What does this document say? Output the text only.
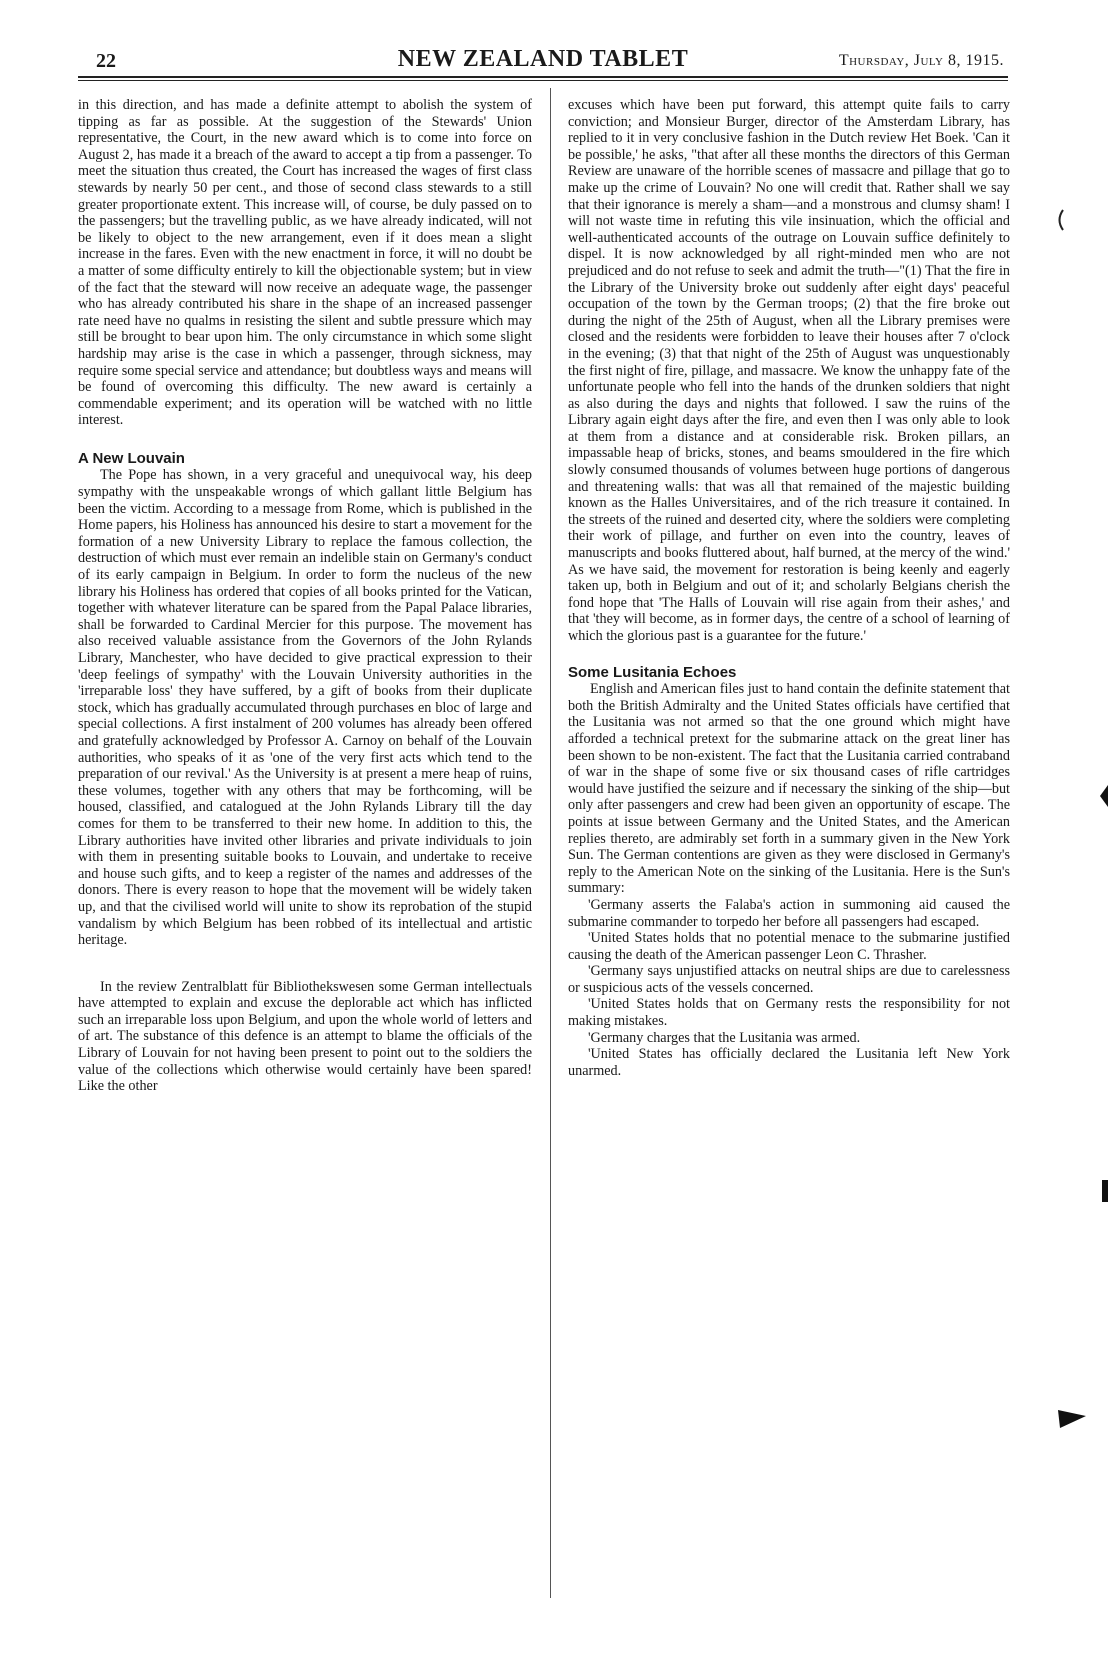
22	NEW ZEALAND TABLET	Thursday, July 8, 1915.

in this direction, and has made a definite attempt to abolish the system of tipping as far as possible. At the suggestion of the Stewards' Union representative, the Court, in the new award which is to come into force on August 2, has made it a breach of the award to accept a tip from a passenger. To meet the situation thus created, the Court has increased the wages of first class stewards by nearly 50 per cent., and those of second class stewards to a still greater proportionate extent. This increase will, of course, be duly passed on to the passengers; but the travelling public, as we have already indicated, will not be likely to object to the new arrangement, even if it does mean a slight increase in the fares. Even with the new enactment in force, it will no doubt be a matter of some difficulty entirely to kill the objectionable system; but in view of the fact that the steward will now receive an adequate wage, the passenger who has already contributed his share in the shape of an increased passenger rate need have no qualms in resisting the silent and subtle pressure which may still be brought to bear upon him. The only circumstance in which some slight hardship may arise is the case in which a passenger, through sickness, may require some special service and attendance; but doubtless ways and means will be found of overcoming this difficulty. The new award is certainly a commendable experiment; and its operation will be watched with no little interest.

A New Louvain

The Pope has shown, in a very graceful and unequivocal way, his deep sympathy with the unspeakable wrongs of which gallant little Belgium has been the victim. According to a message from Rome, which is published in the Home papers, his Holiness has announced his desire to start a movement for the formation of a new University Library to replace the famous collection, the destruction of which must ever remain an indelible stain on Germany's conduct of its early campaign in Belgium. In order to form the nucleus of the new library his Holiness has ordered that copies of all books printed for the Vatican, together with whatever literature can be spared from the Papal Palace libraries, shall be forwarded to Cardinal Mercier for this purpose. The movement has also received valuable assistance from the Governors of the John Rylands Library, Manchester, who have decided to give practical expression to their 'deep feelings of sympathy' with the Louvain University authorities in the 'irreparable loss' they have suffered, by a gift of books from their duplicate stock, which has gradually accumulated through purchases en bloc of large and special collections. A first instalment of 200 volumes has already been offered and gratefully acknowledged by Professor A. Carnoy on behalf of the Louvain authorities, who speaks of it as 'one of the very first acts which tend to the preparation of our revival.' As the University is at present a mere heap of ruins, these volumes, together with any others that may be forthcoming, will be housed, classified, and catalogued at the John Rylands Library till the day comes for them to be transferred to their new home. In addition to this, the Library authorities have invited other libraries and private individuals to join with them in presenting suitable books to Louvain, and undertake to receive and house such gifts, and to keep a register of the names and addresses of the donors. There is every reason to hope that the movement will be widely taken up, and that the civilised world will unite to show its reprobation of the stupid vandalism by which Belgium has been robbed of its intellectual and artistic heritage.

In the review Zentralblatt für Bibliothekswesen some German intellectuals have attempted to explain and excuse the deplorable act which has inflicted such an irreparable loss upon Belgium, and upon the whole world of letters and of art. The substance of this defence is an attempt to blame the officials of the Library of Louvain for not having been present to point out to the soldiers the value of the collections which otherwise would certainly have been spared! Like the other

excuses which have been put forward, this attempt quite fails to carry conviction; and Monsieur Burger, director of the Amsterdam Library, has replied to it in very conclusive fashion in the Dutch review Het Boek. 'Can it be possible,' he asks, "that after all these months the directors of this German Review are unaware of the horrible scenes of massacre and pillage that go to make up the crime of Louvain? No one will credit that. Rather shall we say that their ignorance is merely a sham—and a monstrous and clumsy sham! I will not waste time in refuting this vile insinuation, which the official and well-authenticated accounts of the outrage on Louvain suffice definitely to dispel. It is now acknowledged by all right-minded men who are not prejudiced and do not refuse to seek and admit the truth—"(1) That the fire in the Library of the University broke out suddenly after eight days' peaceful occupation of the town by the German troops; (2) that the fire broke out during the night of the 25th of August, when all the Library premises were closed and the residents were forbidden to leave their houses after 7 o'clock in the evening; (3) that that night of the 25th of August was unquestionably the first night of fire, pillage, and massacre. We know the unhappy fate of the unfortunate people who fell into the hands of the drunken soldiers that night as also during the days and nights that followed. I saw the ruins of the Library again eight days after the fire, and even then I was only able to look at them from a distance and at considerable risk. Broken pillars, an impassable heap of bricks, stones, and beams smouldered in the fire which slowly consumed thousands of volumes between huge portions of dangerous and threatening walls: that was all that remained of the majestic building known as the Halles Universitaires, and of the rich treasure it contained. In the streets of the ruined and deserted city, where the soldiers were completing their work of pillage, and further on even into the country, leaves of manuscripts and books fluttered about, half burned, at the mercy of the wind.' As we have said, the movement for restoration is being keenly and eagerly taken up, both in Belgium and out of it; and scholarly Belgians cherish the fond hope that 'The Halls of Louvain will rise again from their ashes,' and that 'they will become, as in former days, the centre of a school of learning of which the glorious past is a guarantee for the future.'

Some Lusitania Echoes

English and American files just to hand contain the definite statement that both the British Admiralty and the United States officials have certified that the Lusitania was not armed so that the one ground which might have afforded a technical pretext for the submarine attack on the great liner has been shown to be non-existent. The fact that the Lusitania carried contraband of war in the shape of some five or six thousand cases of rifle cartridges would have justified the seizure and if necessary the sinking of the ship—but only after passengers and crew had been given an opportunity of escape. The points at issue between Germany and the United States, and the American replies thereto, are admirably set forth in a summary given in the New York Sun. The German contentions are given as they were disclosed in Germany's reply to the American Note on the sinking of the Lusitania. Here is the Sun's summary:

'Germany asserts the Falaba's action in summoning aid caused the submarine commander to torpedo her before all passengers had escaped.

'United States holds that no potential menace to the submarine justified causing the death of the American passenger Leon C. Thrasher.

'Germany says unjustified attacks on neutral ships are due to carelessness or suspicious acts of the vessels concerned.

'United States holds that on Germany rests the responsibility for not making mistakes.

'Germany charges that the Lusitania was armed.

'United States has officially declared the Lusitania left New York unarmed.
